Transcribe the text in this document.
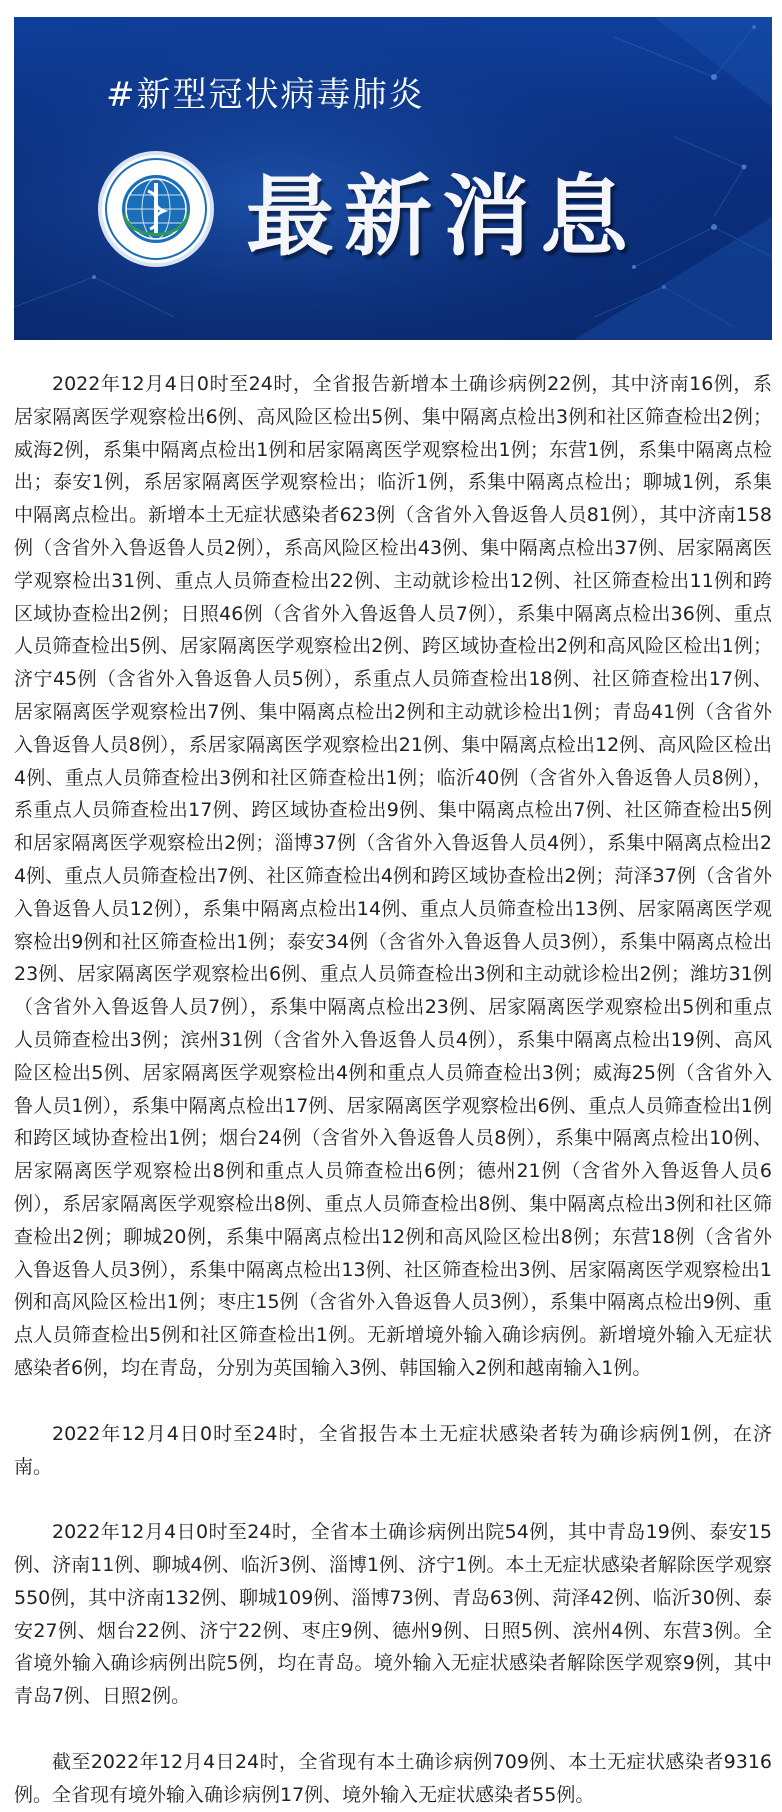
#新型冠状病毒肺炎
最新消息

2022年12月4日0时至24时，全省报告新增本土确诊病例22例，其中济南16例，系居家隔离医学观察检出6例、高风险区检出5例、集中隔离点检出3例和社区筛查检出2例；威海2例，系集中隔离点检出1例和居家隔离医学观察检出1例；东营1例，系集中隔离点检出；泰安1例，系居家隔离医学观察检出；临沂1例，系集中隔离点检出；聊城1例，系集中隔离点检出。新增本土无症状感染者623例（含省外入鲁返鲁人员81例），其中济南158例（含省外入鲁返鲁人员2例），系高风险区检出43例、集中隔离点检出37例、居家隔离医学观察检出31例、重点人员筛查检出22例、主动就诊检出12例、社区筛查检出11例和跨区域协查检出2例；日照46例（含省外入鲁返鲁人员7例），系集中隔离点检出36例、重点人员筛查检出5例、居家隔离医学观察检出2例、跨区域协查检出2例和高风险区检出1例；济宁45例（含省外入鲁返鲁人员5例），系重点人员筛查检出18例、社区筛查检出17例、居家隔离医学观察检出7例、集中隔离点检出2例和主动就诊检出1例；青岛41例（含省外入鲁返鲁人员8例），系居家隔离医学观察检出21例、集中隔离点检出12例、高风险区检出4例、重点人员筛查检出3例和社区筛查检出1例；临沂40例（含省外入鲁返鲁人员8例），系重点人员筛查检出17例、跨区域协查检出9例、集中隔离点检出7例、社区筛查检出5例和居家隔离医学观察检出2例；淄博37例（含省外入鲁返鲁人员4例），系集中隔离点检出24例、重点人员筛查检出7例、社区筛查检出4例和跨区域协查检出2例；菏泽37例（含省外入鲁返鲁人员12例），系集中隔离点检出14例、重点人员筛查检出13例、居家隔离医学观察检出9例和社区筛查检出1例；泰安34例（含省外入鲁返鲁人员3例），系集中隔离点检出23例、居家隔离医学观察检出6例、重点人员筛查检出3例和主动就诊检出2例；潍坊31例（含省外入鲁返鲁人员7例），系集中隔离点检出23例、居家隔离医学观察检出5例和重点人员筛查检出3例；滨州31例（含省外入鲁返鲁人员4例），系集中隔离点检出19例、高风险区检出5例、居家隔离医学观察检出4例和重点人员筛查检出3例；威海25例（含省外入鲁人员1例），系集中隔离点检出17例、居家隔离医学观察检出6例、重点人员筛查检出1例和跨区域协查检出1例；烟台24例（含省外入鲁返鲁人员8例），系集中隔离点检出10例、居家隔离医学观察检出8例和重点人员筛查检出6例；德州21例（含省外入鲁返鲁人员6例），系居家隔离医学观察检出8例、重点人员筛查检出8例、集中隔离点检出3例和社区筛查检出2例；聊城20例，系集中隔离点检出12例和高风险区检出8例；东营18例（含省外入鲁返鲁人员3例），系集中隔离点检出13例、社区筛查检出3例、居家隔离医学观察检出1例和高风险区检出1例；枣庄15例（含省外入鲁返鲁人员3例），系集中隔离点检出9例、重点人员筛查检出5例和社区筛查检出1例。无新增境外输入确诊病例。新增境外输入无症状感染者6例，均在青岛，分别为英国输入3例、韩国输入2例和越南输入1例。

2022年12月4日0时至24时，全省报告本土无症状感染者转为确诊病例1例，在济南。

2022年12月4日0时至24时，全省本土确诊病例出院54例，其中青岛19例、泰安15例、济南11例、聊城4例、临沂3例、淄博1例、济宁1例。本土无症状感染者解除医学观察550例，其中济南132例、聊城109例、淄博73例、青岛63例、菏泽42例、临沂30例、泰安27例、烟台22例、济宁22例、枣庄9例、德州9例、日照5例、滨州4例、东营3例。全省境外输入确诊病例出院5例，均在青岛。境外输入无症状感染者解除医学观察9例，其中青岛7例、日照2例。

截至2022年12月4日24时，全省现有本土确诊病例709例、本土无症状感染者9316例。全省现有境外输入确诊病例17例、境外输入无症状感染者55例。
